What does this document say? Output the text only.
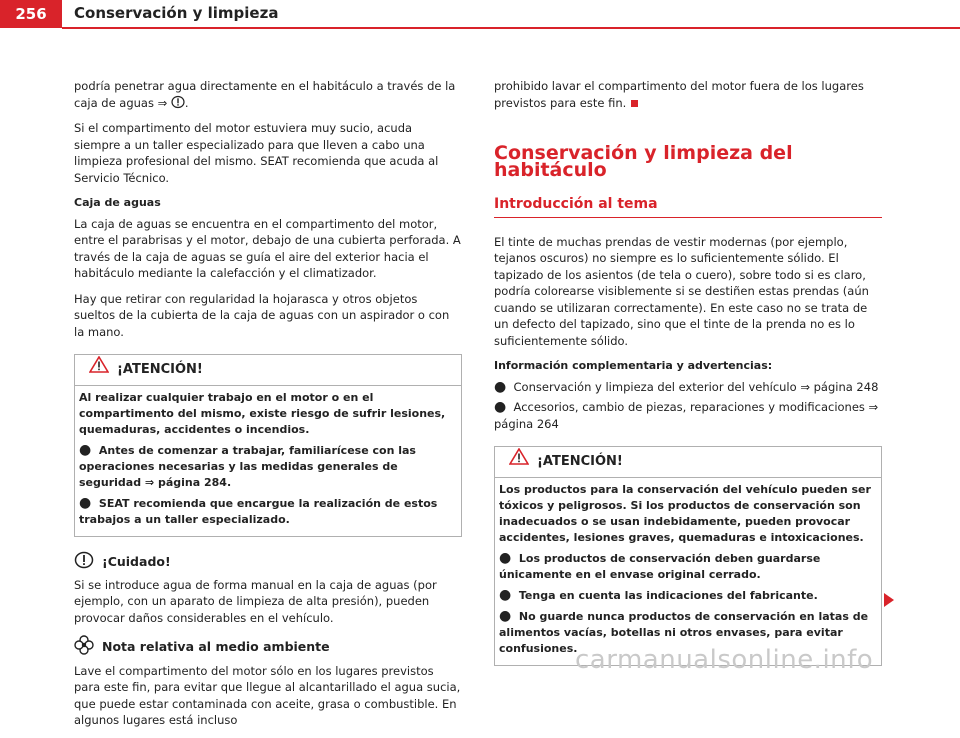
256	Conservación y limpieza

podría penetrar agua directamente en el habitáculo a través de la caja de aguas ⇒ .

Si el compartimento del motor estuviera muy sucio, acuda siempre a un taller especializado para que lleven a cabo una limpieza profesional del mismo. SEAT recomienda que acuda al Servicio Técnico.

Caja de aguas

La caja de aguas se encuentra en el compartimento del motor, entre el parabrisas y el motor, debajo de una cubierta perforada. A través de la caja de aguas se guía el aire del exterior hacia el habitáculo mediante la calefacción y el climatizador.

Hay que retirar con regularidad la hojarasca y otros objetos sueltos de la cubierta de la caja de aguas con un aspirador o con la mano.

¡ATENCIÓN!

Al realizar cualquier trabajo en el motor o en el compartimento del mismo, existe riesgo de sufrir lesiones, quemaduras, accidentes o incendios.

● Antes de comenzar a trabajar, familiarícese con las operaciones necesarias y las medidas generales de seguridad ⇒ página 284.

● SEAT recomienda que encargue la realización de estos trabajos a un taller especializado.

¡Cuidado!

Si se introduce agua de forma manual en la caja de aguas (por ejemplo, con un aparato de limpieza de alta presión), pueden provocar daños considerables en el vehículo.

Nota relativa al medio ambiente

Lave el compartimento del motor sólo en los lugares previstos para este fin, para evitar que llegue al alcantarillado el agua sucia, que puede estar contaminada con aceite, grasa o combustible. En algunos lugares está incluso

prohibido lavar el compartimento del motor fuera de los lugares previstos para este fin.

Conservación y limpieza del habitáculo
Introducción al tema

El tinte de muchas prendas de vestir modernas (por ejemplo, tejanos oscuros) no siempre es lo suficientemente sólido. El tapizado de los asientos (de tela o cuero), sobre todo si es claro, podría colorearse visiblemente si se destiñen estas prendas (aún cuando se utilizaran correctamente). En este caso no se trata de un defecto del tapizado, sino que el tinte de la prenda no es lo suficientemente sólido.

Información complementaria y advertencias:

● Conservación y limpieza del exterior del vehículo ⇒ página 248

● Accesorios, cambio de piezas, reparaciones y modificaciones ⇒ página 264

¡ATENCIÓN!

Los productos para la conservación del vehículo pueden ser tóxicos y peligrosos. Si los productos de conservación son inadecuados o se usan indebidamente, pueden provocar accidentes, lesiones graves, quemaduras e intoxicaciones.

● Los productos de conservación deben guardarse únicamente en el envase original cerrado.

● Tenga en cuenta las indicaciones del fabricante.

● No guarde nunca productos de conservación en latas de alimentos vacías, botellas ni otros envases, para evitar confusiones.

carmanualsonline.info
